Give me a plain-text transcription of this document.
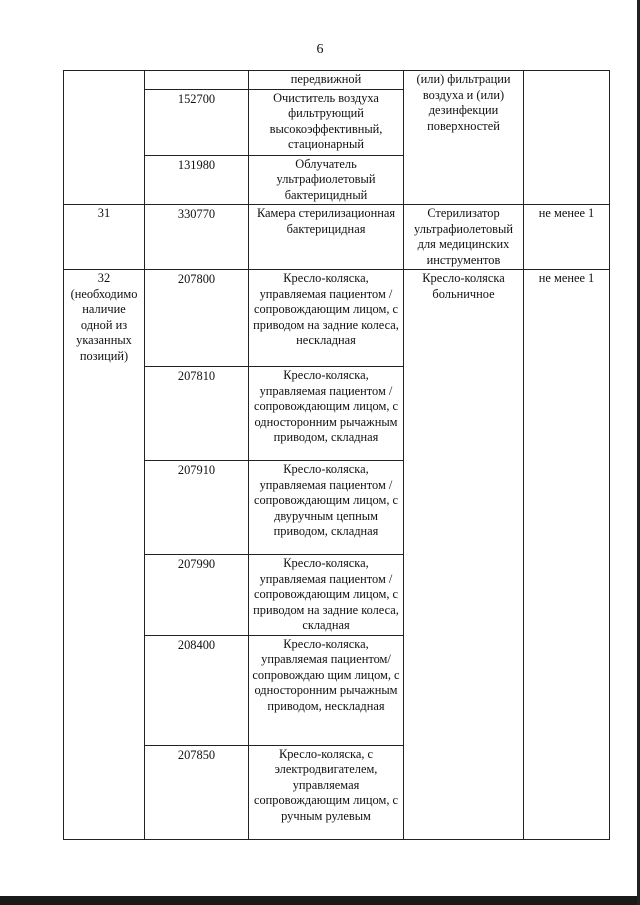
6
		передвижной	(или) фильтрации воздуха и (или) дезинфекции поверхностей	
	152700	Очиститель воздуха фильтрующий высокоэффективный, стационарный		
	131980	Облучатель ультрафиолетовый бактерицидный		
31	330770	Камера стерилизационная бактерицидная	Стерилизатор ультрафиолетовый для медицинских инструментов	не менее 1
32 (необходимо наличие одной из указанных позиций)	207800	Кресло-коляска, управляемая пациентом / сопровождающим лицом, с приводом на задние колеса, нескладная	Кресло-коляска больничное	не менее 1
	207810	Кресло-коляска, управляемая пациентом / сопровождающим лицом, с односторонним рычажным приводом, складная		
	207910	Кресло-коляска, управляемая пациентом /сопровождающим лицом, с двуручным цепным приводом, складная		
	207990	Кресло-коляска, управляемая пациентом /сопровождающим лицом, с приводом на задние колеса, складная		
	208400	Кресло-коляска, управляемая пациентом/сопровождаю щим лицом, с односторонним рычажным приводом, нескладная		
	207850	Кресло-коляска, с электродвигателем, управляемая сопровождающим лицом, с ручным рулевым		
